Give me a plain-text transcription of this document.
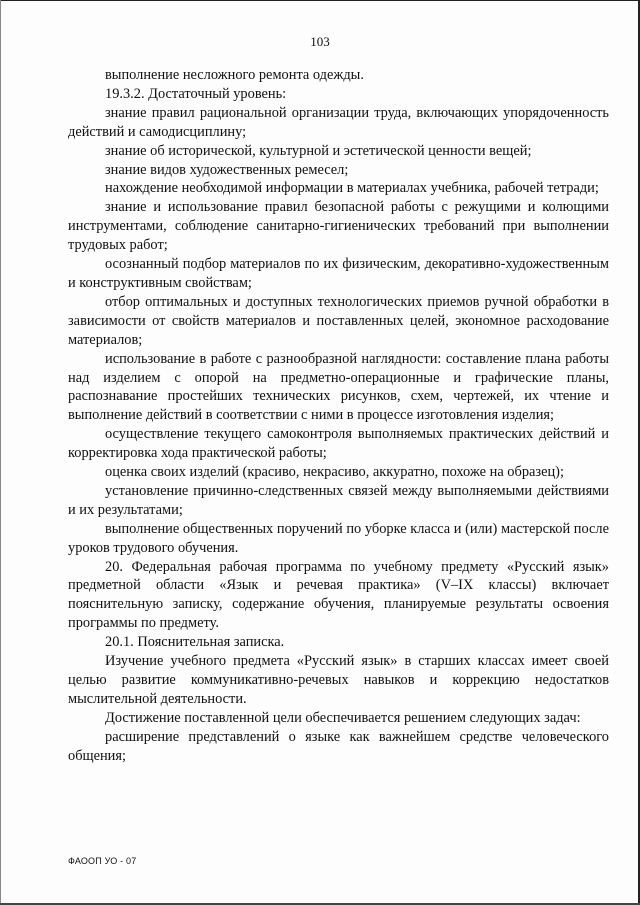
103

выполнение несложного ремонта одежды.

19.3.2. Достаточный уровень:

знание правил рациональной организации труда, включающих упорядоченность действий и самодисциплину;

знание об исторической, культурной и эстетической ценности вещей;

знание видов художественных ремесел;

нахождение необходимой информации в материалах учебника, рабочей тетради;

знание и использование правил безопасной работы с режущими и колющими инструментами, соблюдение санитарно-гигиенических требований при выполнении трудовых работ;

осознанный подбор материалов по их физическим, декоративно-художественным и конструктивным свойствам;

отбор оптимальных и доступных технологических приемов ручной обработки в зависимости от свойств материалов и поставленных целей, экономное расходование материалов;

использование в работе с разнообразной наглядности: составление плана работы над изделием с опорой на предметно-операционные и графические планы, распознавание простейших технических рисунков, схем, чертежей, их чтение и выполнение действий в соответствии с ними в процессе изготовления изделия;

осуществление текущего самоконтроля выполняемых практических действий и корректировка хода практической работы;

оценка своих изделий (красиво, некрасиво, аккуратно, похоже на образец);

установление причинно-следственных связей между выполняемыми действиями и их результатами;

выполнение общественных поручений по уборке класса и (или) мастерской после уроков трудового обучения.

20. Федеральная рабочая программа по учебному предмету «Русский язык» предметной области «Язык и речевая практика» (V–IX классы) включает пояснительную записку, содержание обучения, планируемые результаты освоения программы по предмету.

20.1. Пояснительная записка.

Изучение учебного предмета «Русский язык» в старших классах имеет своей целью развитие коммуникативно-речевых навыков и коррекцию недостатков мыслительной деятельности.

Достижение поставленной цели обеспечивается решением следующих задач:

расширение представлений о языке как важнейшем средстве человеческого общения;

ФАООП УО - 07
